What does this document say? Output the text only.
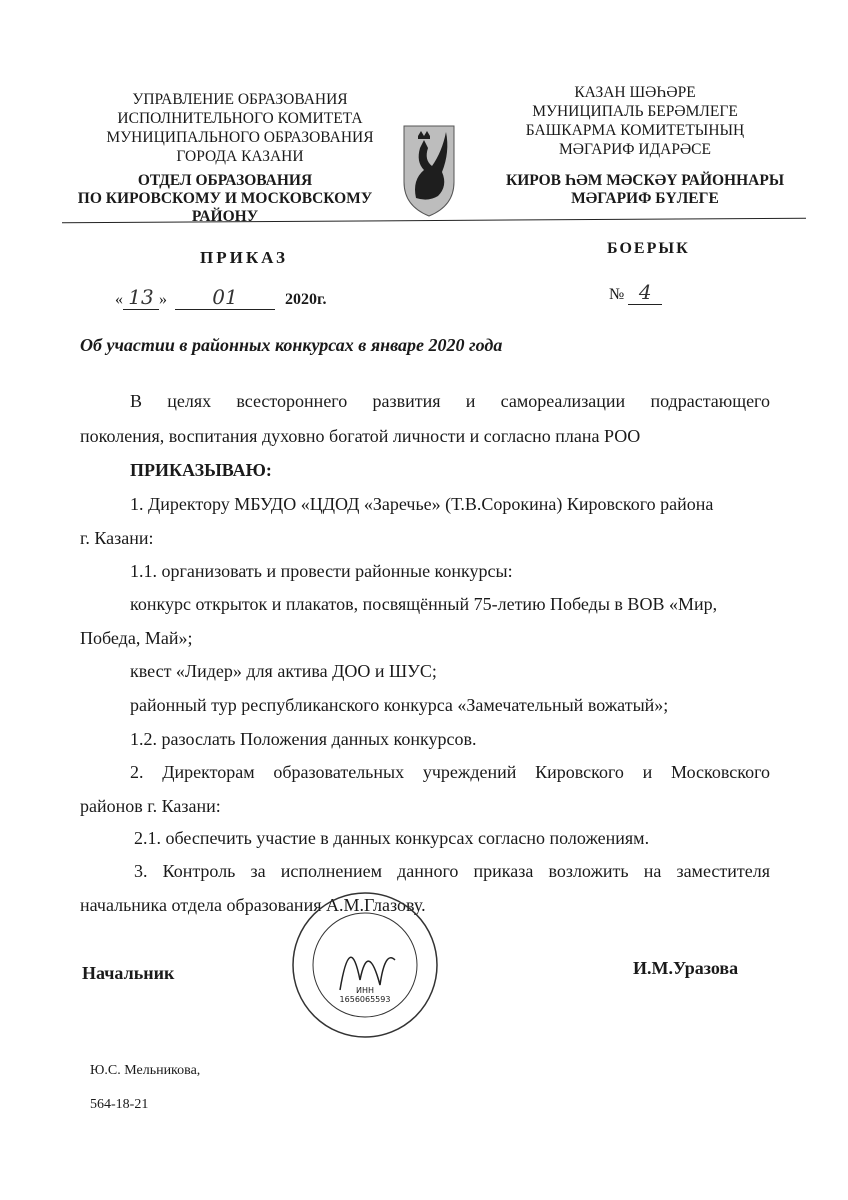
УПРАВЛЕНИЕ ОБРАЗОВАНИЯ
ИСПОЛНИТЕЛЬНОГО КОМИТЕТА
МУНИЦИПАЛЬНОГО ОБРАЗОВАНИЯ
ГОРОДА КАЗАНИ
ОТДЕЛ ОБРАЗОВАНИЯ
ПО КИРОВСКОМУ И МОСКОВСКОМУ
РАЙОНУ
КАЗАН ШӘҺӘРЕ
МУНИЦИПАЛЬ БЕРӘМЛЕГЕ
БАШКАРМА КОМИТЕТЫНЫҢ
МӘГАРИФ ИДАРӘСЕ
КИРОВ ҺӘМ МӘСКӘҮ РАЙОННАРЫ
МӘГАРИФ БҮЛЕГЕ
ПРИКАЗ
« 13 » 01	2020г.
БОЕРЫК
№ 4
Об участии в районных конкурсах в январе 2020 года
В целях всестороннего развития и самореализации подрастающего
поколения, воспитания духовно богатой личности и согласно плана РОО
ПРИКАЗЫВАЮ:
1. Директору МБУДО «ЦДОД «Заречье» (Т.В.Сорокина) Кировского района
г. Казани:
1.1. организовать и провести районные конкурсы:
конкурс открыток и плакатов, посвящённый 75-летию Победы в ВОВ «Мир,
Победа, Май»;
квест «Лидер» для актива ДОО и ШУС;
районный тур республиканского конкурса «Замечательный вожатый»;
1.2. разослать Положения данных конкурсов.
2. Директорам образовательных учреждений Кировского и Московского
районов г. Казани:
2.1. обеспечить участие в данных конкурсах согласно положениям.
3. Контроль за исполнением данного приказа возложить на заместителя
начальника отдела образования А.М.Глазову.
ИНН 1656065593
Начальник	И.М.Уразова
Ю.С. Мельникова,
564-18-21
